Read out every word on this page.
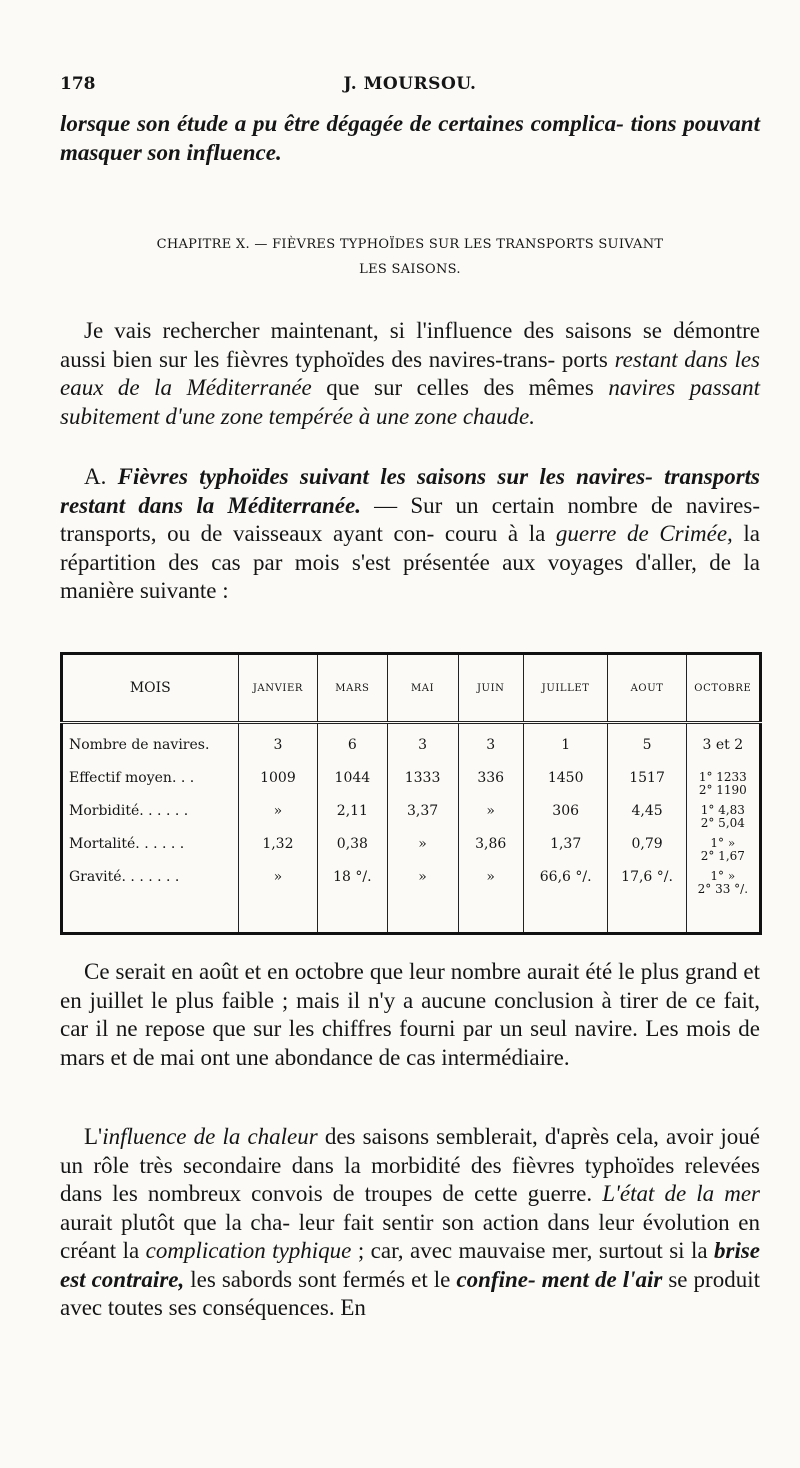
178	J. MOURSOU.
lorsque son étude a pu être dégagée de certaines complica- tions pouvant masquer son influence.
CHAPITRE X. — FIÈVRES TYPHOÏDES SUR LES TRANSPORTS SUIVANT
LES SAISONS.
Je vais rechercher maintenant, si l'influence des saisons se démontre aussi bien sur les fièvres typhoïdes des navires-trans- ports restant dans les eaux de la Méditerranée que sur celles des mêmes navires passant subitement d'une zone tempérée à une zone chaude.
A. Fièvres typhoïdes suivant les saisons sur les navires- transports restant dans la Méditerranée. — Sur un certain nombre de navires-transports, ou de vaisseaux ayant con- couru à la guerre de Crimée, la répartition des cas par mois s'est présentée aux voyages d'aller, de la manière suivante :
MOIS	JANVIER	MARS	MAI	JUIN	JUILLET	AOUT	OCTOBRE

Nombre de navires.	3	6	3	3	1	5	3 et 2
Effectif moyen. . .	1009	1044	1333	336	1450	1517	1° 1233
2° 1190

Morbidité. . . . . .	»	2,11	3,37	»	306	4,45	1° 4,83
2° 5,04

Mortalité. . . . . .	1,32	0,38	»	3,86	1,37	0,79	1° »
2° 1,67

Gravité. . . . . . .	»	18 °/.	»	»	66,6 °/.	17,6 °/.	1° »
2° 33 °/.
Ce serait en août et en octobre que leur nombre aurait été le plus grand et en juillet le plus faible ; mais il n'y a aucune conclusion à tirer de ce fait, car il ne repose que sur les chiffres fourni par un seul navire. Les mois de mars et de mai ont une abondance de cas intermédiaire.
L'influence de la chaleur des saisons semblerait, d'après cela, avoir joué un rôle très secondaire dans la morbidité des fièvres typhoïdes relevées dans les nombreux convois de troupes de cette guerre. L'état de la mer aurait plutôt que la cha- leur fait sentir son action dans leur évolution en créant la complication typhique ; car, avec mauvaise mer, surtout si la brise est contraire, les sabords sont fermés et le confine- ment de l'air se produit avec toutes ses conséquences. En
